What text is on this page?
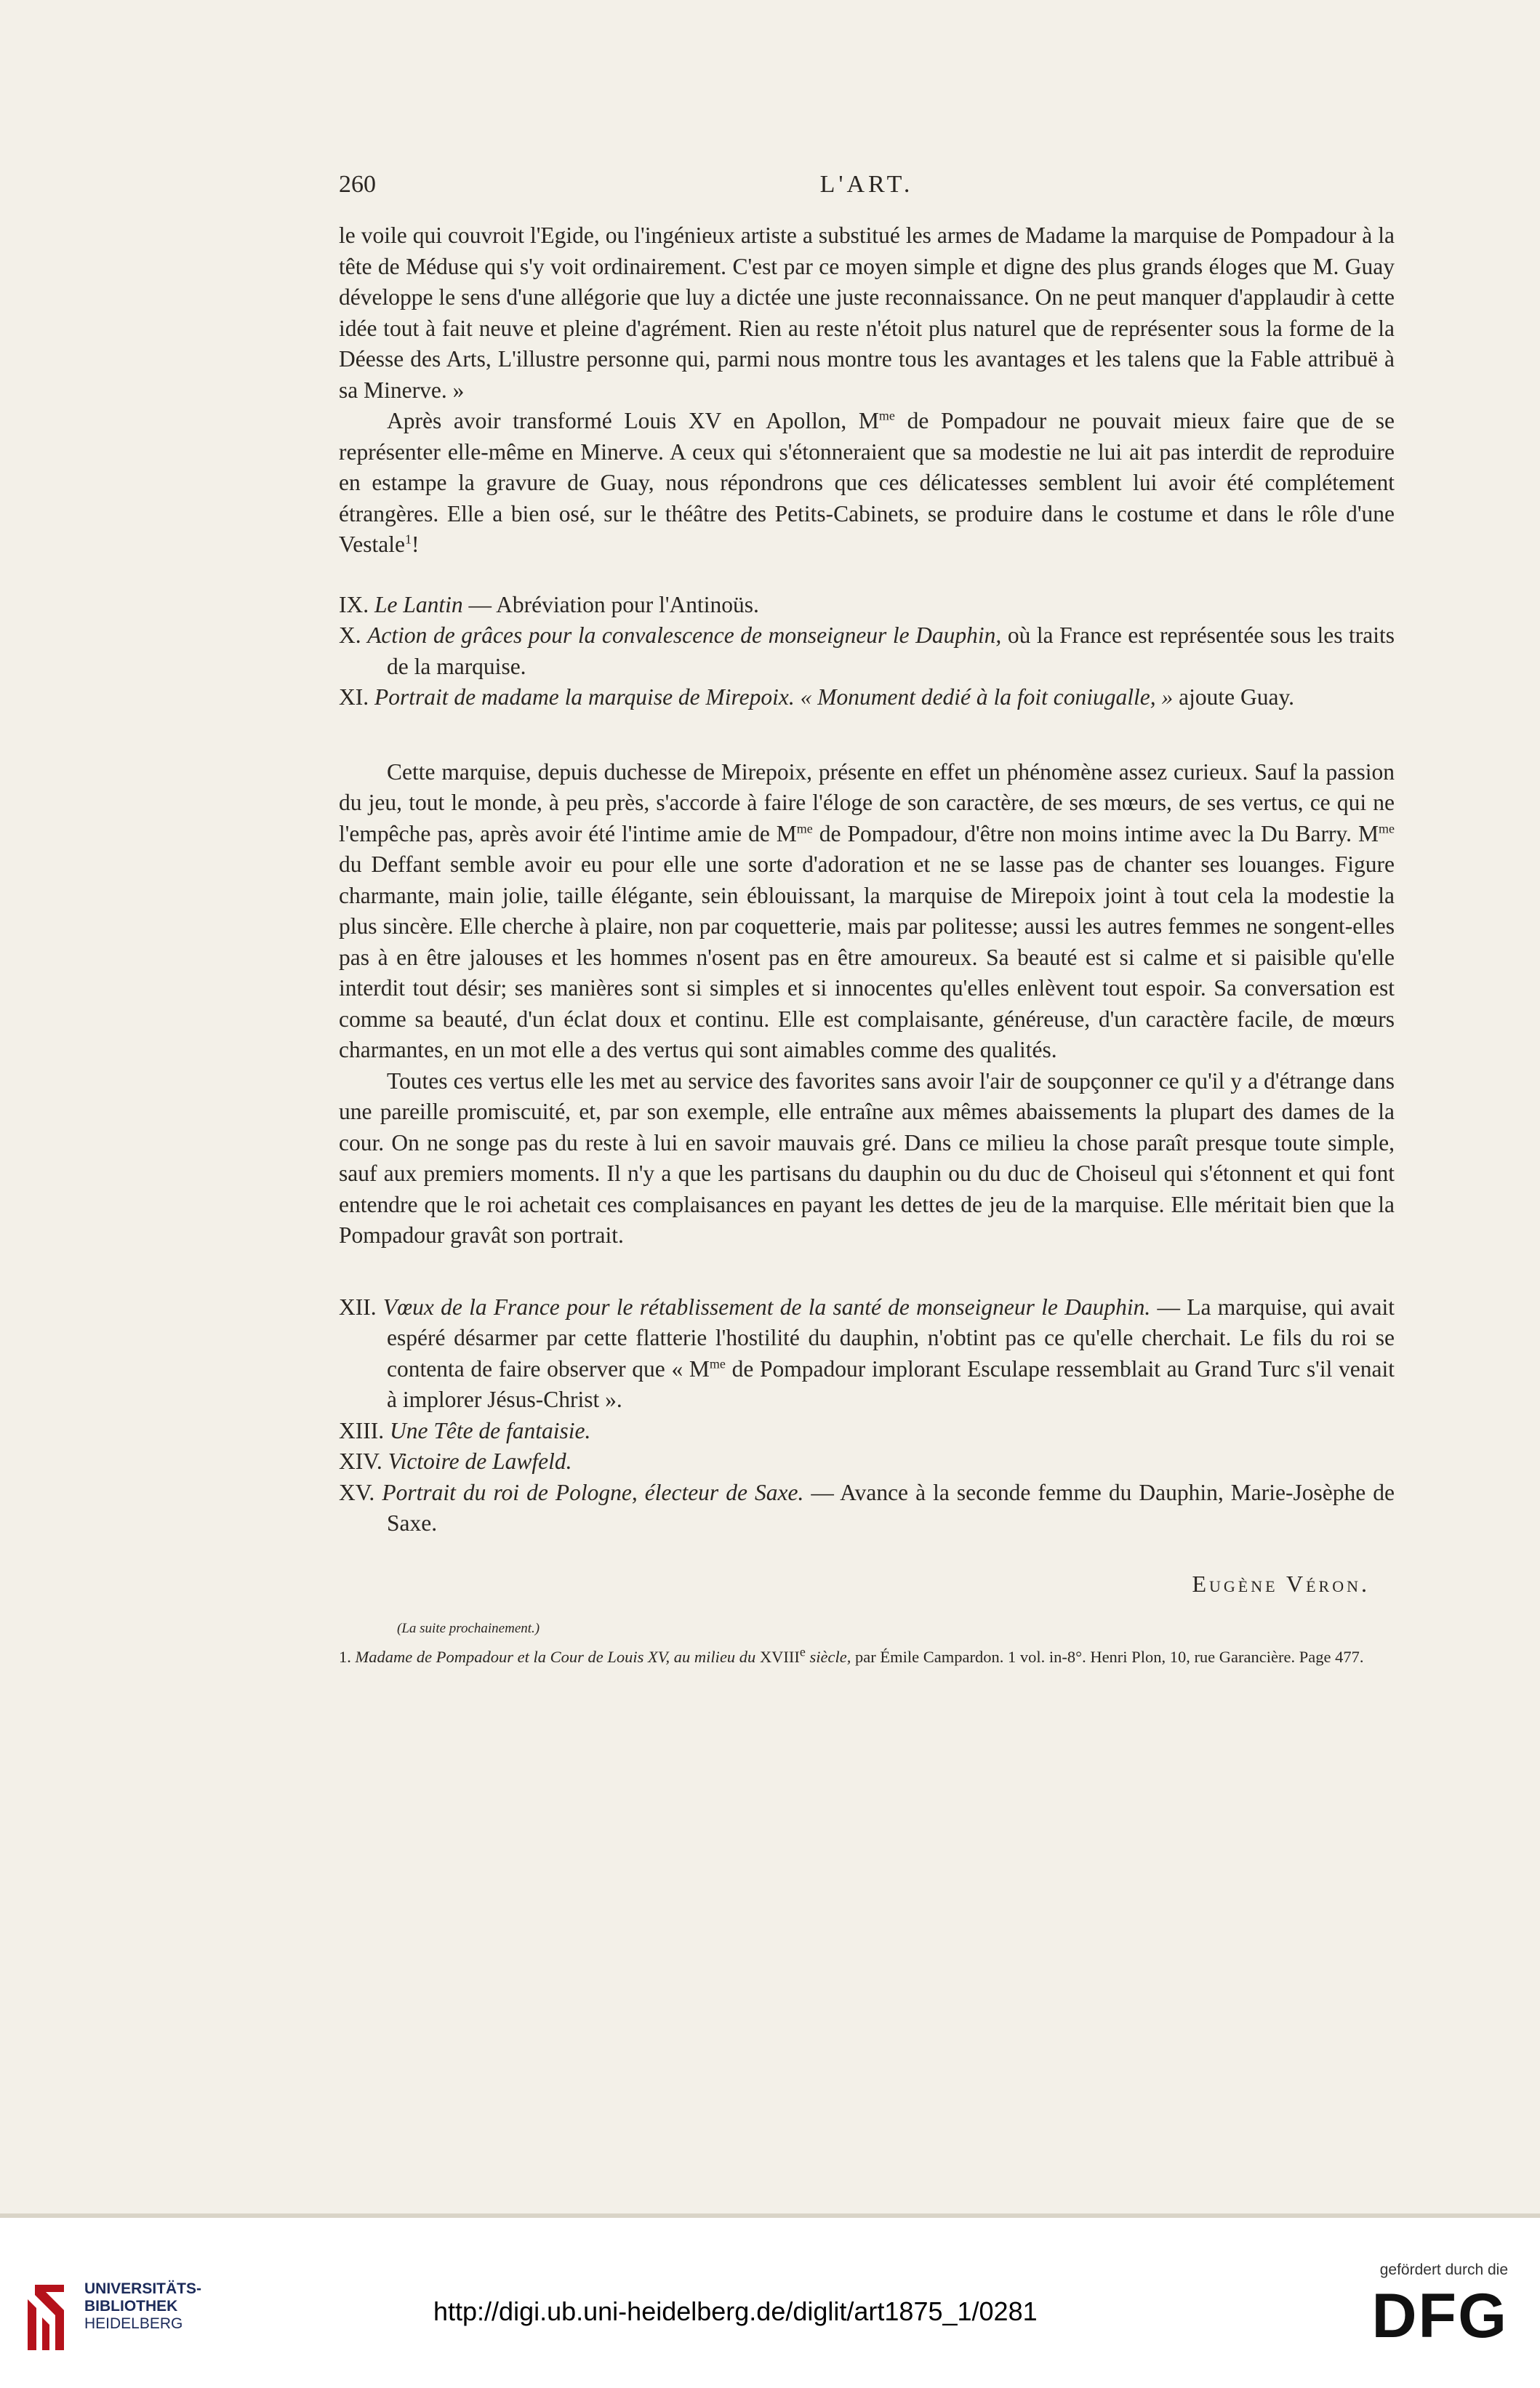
260	L'ART.

le voile qui couvroit l'Egide, ou l'ingénieux artiste a substitué les armes de Madame la marquise de Pompadour à la tête de Méduse qui s'y voit ordinairement. C'est par ce moyen simple et digne des plus grands éloges que M. Guay développe le sens d'une allégorie que luy a dictée une juste reconnaissance. On ne peut manquer d'applaudir à cette idée tout à fait neuve et pleine d'agrément. Rien au reste n'étoit plus naturel que de représenter sous la forme de la Déesse des Arts, L'illustre personne qui, parmi nous montre tous les avantages et les talens que la Fable attribuë à sa Minerve. »

Après avoir transformé Louis XV en Apollon, $M^{me}$ de Pompadour ne pouvait mieux faire que de se représenter elle-même en Minerve. A ceux qui s'étonneraient que sa modestie ne lui ait pas interdit de reproduire en estampe la gravure de Guay, nous répondrons que ces délicatesses semblent lui avoir été complétement étrangères. Elle a bien osé, sur le théâtre des Petits-Cabinets, se produire dans le costume et dans le rôle d'une Vestale$^1$!

IX. Le Lantin — Abréviation pour l'Antinoüs.

X. Action de grâces pour la convalescence de monseigneur le Dauphin, où la France est représentée sous les traits de la marquise.

XI. Portrait de madame la marquise de Mirepoix. « Monument dedié à la foit coniugalle, » ajoute Guay.

Cette marquise, depuis duchesse de Mirepoix, présente en effet un phénomène assez curieux. Sauf la passion du jeu, tout le monde, à peu près, s'accorde à faire l'éloge de son caractère, de ses mœurs, de ses vertus, ce qui ne l'empêche pas, après avoir été l'intime amie de $M^{me}$ de Pompadour, d'être non moins intime avec la Du Barry. $M^{me}$ du Deffant semble avoir eu pour elle une sorte d'adoration et ne se lasse pas de chanter ses louanges. Figure charmante, main jolie, taille élégante, sein éblouissant, la marquise de Mirepoix joint à tout cela la modestie la plus sincère. Elle cherche à plaire, non par coquetterie, mais par politesse; aussi les autres femmes ne songent-elles pas à en être jalouses et les hommes n'osent pas en être amoureux. Sa beauté est si calme et si paisible qu'elle interdit tout désir; ses manières sont si simples et si innocentes qu'elles enlèvent tout espoir. Sa conversation est comme sa beauté, d'un éclat doux et continu. Elle est complaisante, généreuse, d'un caractère facile, de mœurs charmantes, en un mot elle a des vertus qui sont aimables comme des qualités.

Toutes ces vertus elle les met au service des favorites sans avoir l'air de soupçonner ce qu'il y a d'étrange dans une pareille promiscuité, et, par son exemple, elle entraîne aux mêmes abaissements la plupart des dames de la cour. On ne songe pas du reste à lui en savoir mauvais gré. Dans ce milieu la chose paraît presque toute simple, sauf aux premiers moments. Il n'y a que les partisans du dauphin ou du duc de Choiseul qui s'étonnent et qui font entendre que le roi achetait ces complaisances en payant les dettes de jeu de la marquise. Elle méritait bien que la Pompadour gravât son portrait.

XII. Vœux de la France pour le rétablissement de la santé de monseigneur le Dauphin. — La marquise, qui avait espéré désarmer par cette flatterie l'hostilité du dauphin, n'obtint pas ce qu'elle cherchait. Le fils du roi se contenta de faire observer que « $M^{me}$ de Pompadour implorant Esculape ressemblait au Grand Turc s'il venait à implorer Jésus-Christ ».

XIII. Une Tête de fantaisie.

XIV. Victoire de Lawfeld.

XV. Portrait du roi de Pologne, électeur de Saxe. — Avance à la seconde femme du Dauphin, Marie-Josèphe de Saxe.

Eugène Véron.
(La suite prochainement.)

1. Madame de Pompadour et la Cour de Louis XV, au milieu du XVIIIe siècle, par Émile Campardon. 1 vol. in-8°. Henri Plon, 10, rue Garancière. Page 477.

UNIVERSITÄTS-
BIBLIOTHEK
HEIDELBERG	http://digi.ub.uni-heidelberg.de/diglit/art1875_1/0281
gefördert durch die
DFG
